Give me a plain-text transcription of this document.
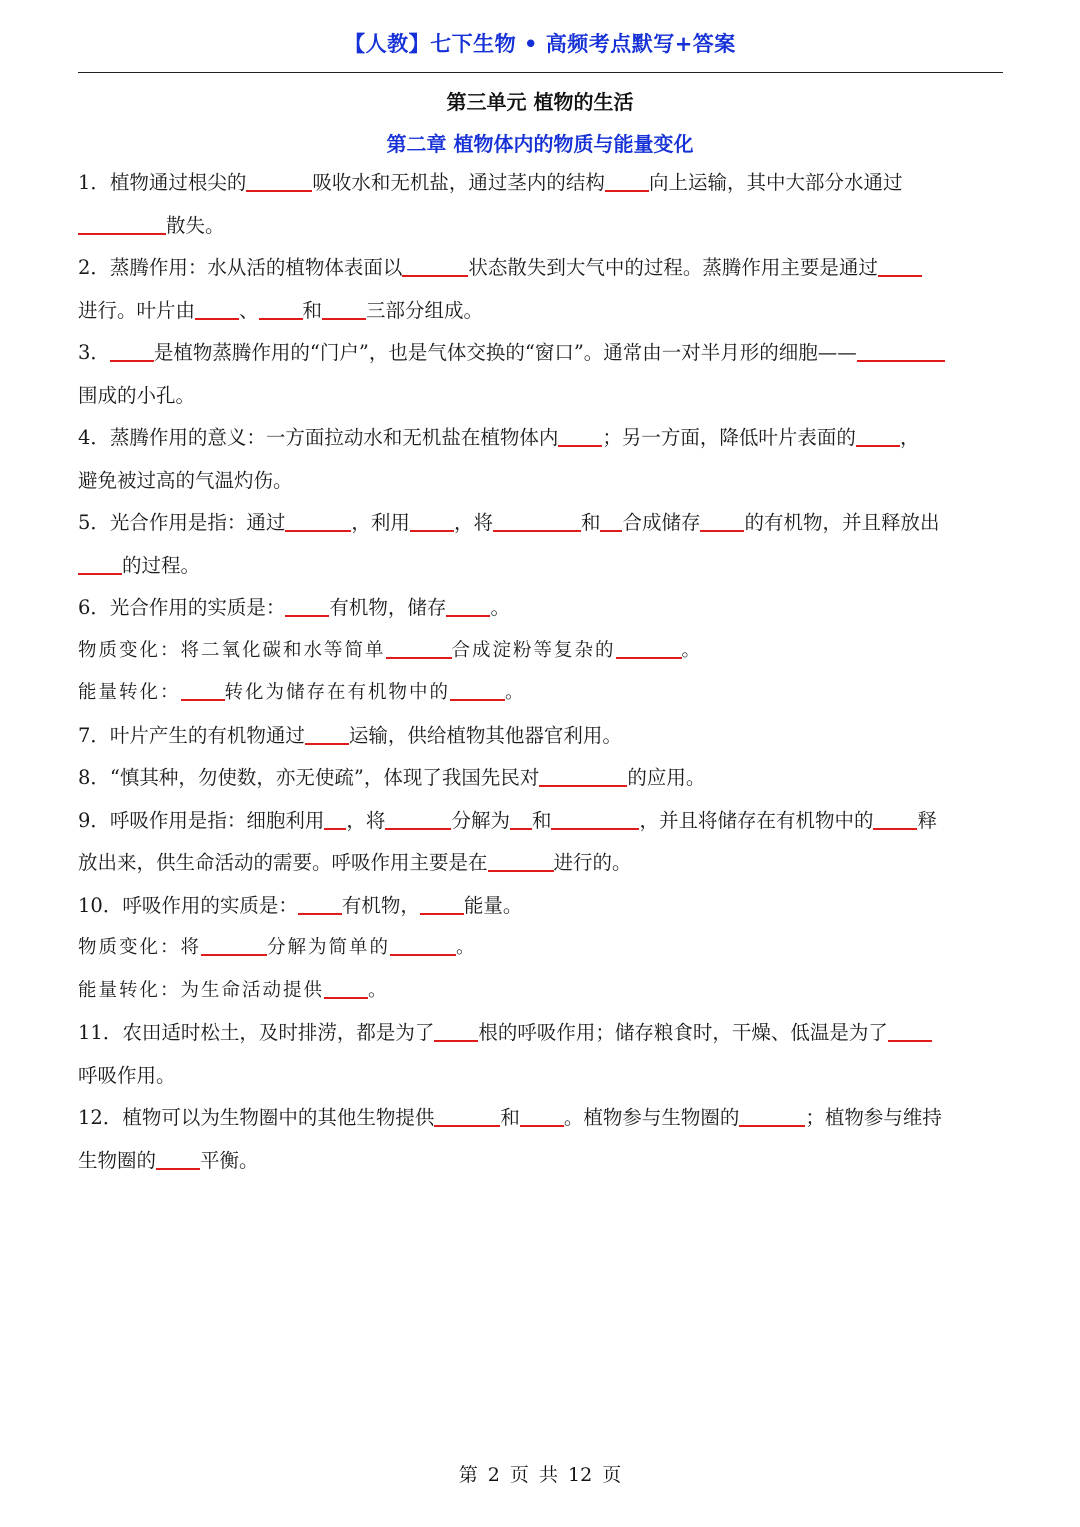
【人教】七下生物 • 高频考点默写+答案
第三单元 植物的生活
第二章 植物体内的物质与能量变化
1．植物通过根尖的	吸收水和无机盐，通过茎内的结构 向上运输，其中大部分水通过
散失。
2．蒸腾作用：水从活的植物体表面以	状态散失到大气中的过程。蒸腾作用主要是通过
进行。叶片由 、 和 三部分组成。
3． 是植物蒸腾作用的“门户”，也是气体交换的“窗口”。通常由一对半月形的细胞——
围成的小孔。
4．蒸腾作用的意义：一方面拉动水和无机盐在植物体内 ；另一方面，降低叶片表面的 ，
避免被过高的气温灼伤。
5．光合作用是指：通过	，利用 ，将	和 合成储存 的有机物，并且释放出
的过程。
6．光合作用的实质是： 有机物，储存 。
物质变化：将二氧化碳和水等简单	合成淀粉等复杂的	。
能量转化： 转化为储存在有机物中的	。
7．叶片产生的有机物通过 运输，供给植物其他器官利用。
8．“慎其种，勿使数，亦无使疏”，体现了我国先民对	的应用。
9．呼吸作用是指：细胞利用 ，将	分解为 和	，并且将储存在有机物中的 释
放出来，供生命活动的需要。呼吸作用主要是在	进行的。
10．呼吸作用的实质是： 有机物， 能量。
物质变化：将	分解为简单的	。
能量转化：为生命活动提供 。
11．农田适时松土，及时排涝，都是为了 根的呼吸作用；储存粮食时，干燥、低温是为了
呼吸作用。
12．植物可以为生物圈中的其他生物提供	和 。植物参与生物圈的	；植物参与维持
生物圈的 平衡。
第 2 页 共 12 页
